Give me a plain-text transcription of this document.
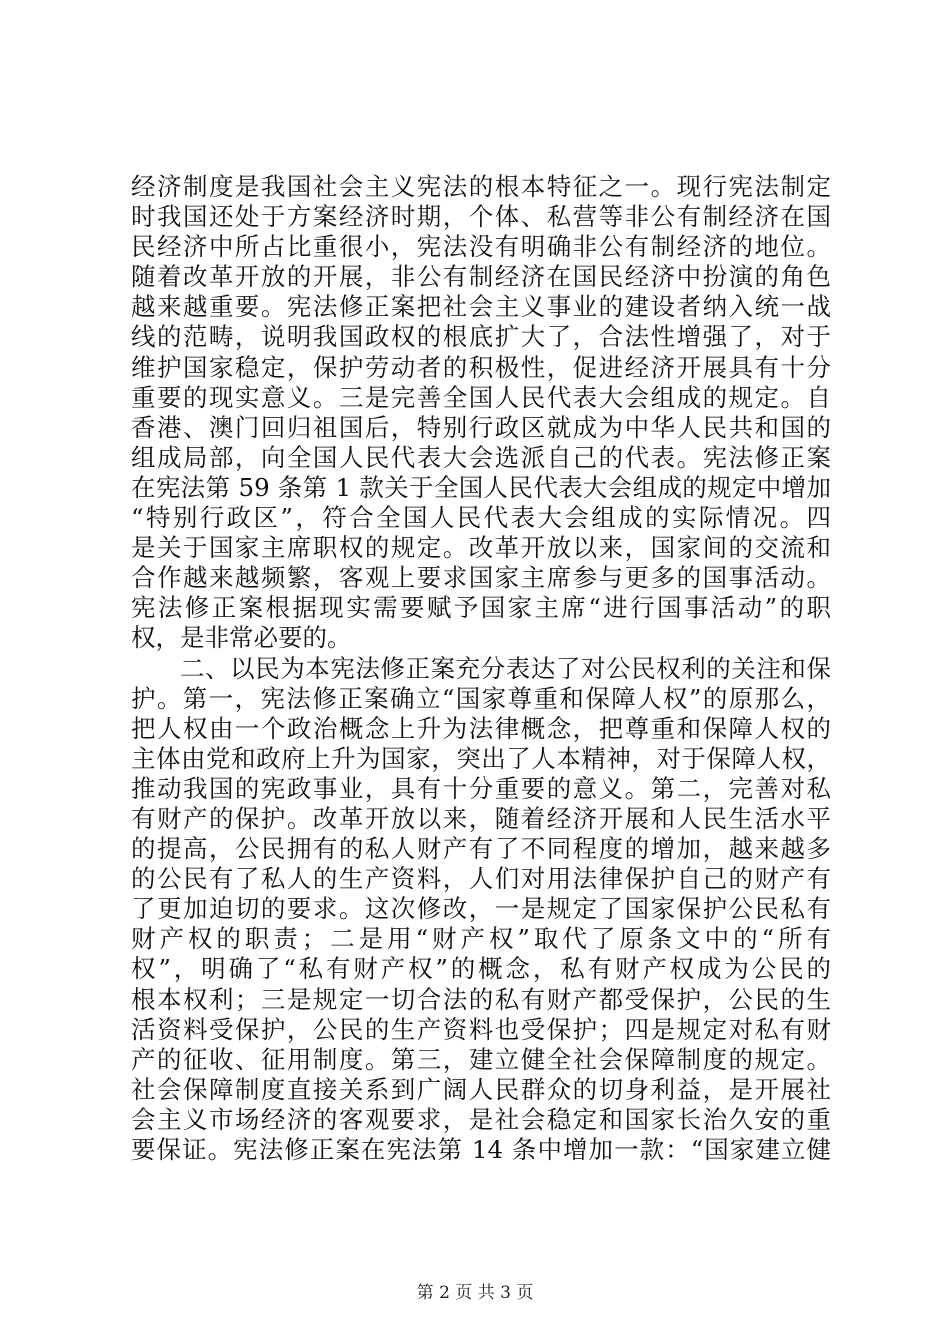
经济制度是我国社会主义宪法的根本特征之一。现行宪法制定
时我国还处于方案经济时期，个体、私营等非公有制经济在国
民经济中所占比重很小，宪法没有明确非公有制经济的地位。
随着改革开放的开展，非公有制经济在国民经济中扮演的角色
越来越重要。宪法修正案把社会主义事业的建设者纳入统一战
线的范畴，说明我国政权的根底扩大了，合法性增强了，对于
维护国家稳定，保护劳动者的积极性，促进经济开展具有十分
重要的现实意义。三是完善全国人民代表大会组成的规定。自
香港、澳门回归祖国后，特别行政区就成为中华人民共和国的
组成局部，向全国人民代表大会选派自己的代表。宪法修正案
在宪法第 59 条第 1 款关于全国人民代表大会组成的规定中增加
“特别行政区”，符合全国人民代表大会组成的实际情况。四
是关于国家主席职权的规定。改革开放以来，国家间的交流和
合作越来越频繁，客观上要求国家主席参与更多的国事活动。
宪法修正案根据现实需要赋予国家主席“进行国事活动”的职
权，是非常必要的。
二、以民为本宪法修正案充分表达了对公民权利的关注和保
护。第一，宪法修正案确立“国家尊重和保障人权”的原那么，
把人权由一个政治概念上升为法律概念，把尊重和保障人权的
主体由党和政府上升为国家，突出了人本精神，对于保障人权，
推动我国的宪政事业，具有十分重要的意义。第二，完善对私
有财产的保护。改革开放以来，随着经济开展和人民生活水平
的提高，公民拥有的私人财产有了不同程度的增加，越来越多
的公民有了私人的生产资料，人们对用法律保护自己的财产有
了更加迫切的要求。这次修改，一是规定了国家保护公民私有
财产权的职责；二是用“财产权”取代了原条文中的“所有
权”，明确了“私有财产权”的概念，私有财产权成为公民的
根本权利；三是规定一切合法的私有财产都受保护，公民的生
活资料受保护，公民的生产资料也受保护；四是规定对私有财
产的征收、征用制度。第三，建立健全社会保障制度的规定。
社会保障制度直接关系到广阔人民群众的切身利益，是开展社
会主义市场经济的客观要求，是社会稳定和国家长治久安的重
要保证。宪法修正案在宪法第 14 条中增加一款：“国家建立健
第 2 页 共 3 页
